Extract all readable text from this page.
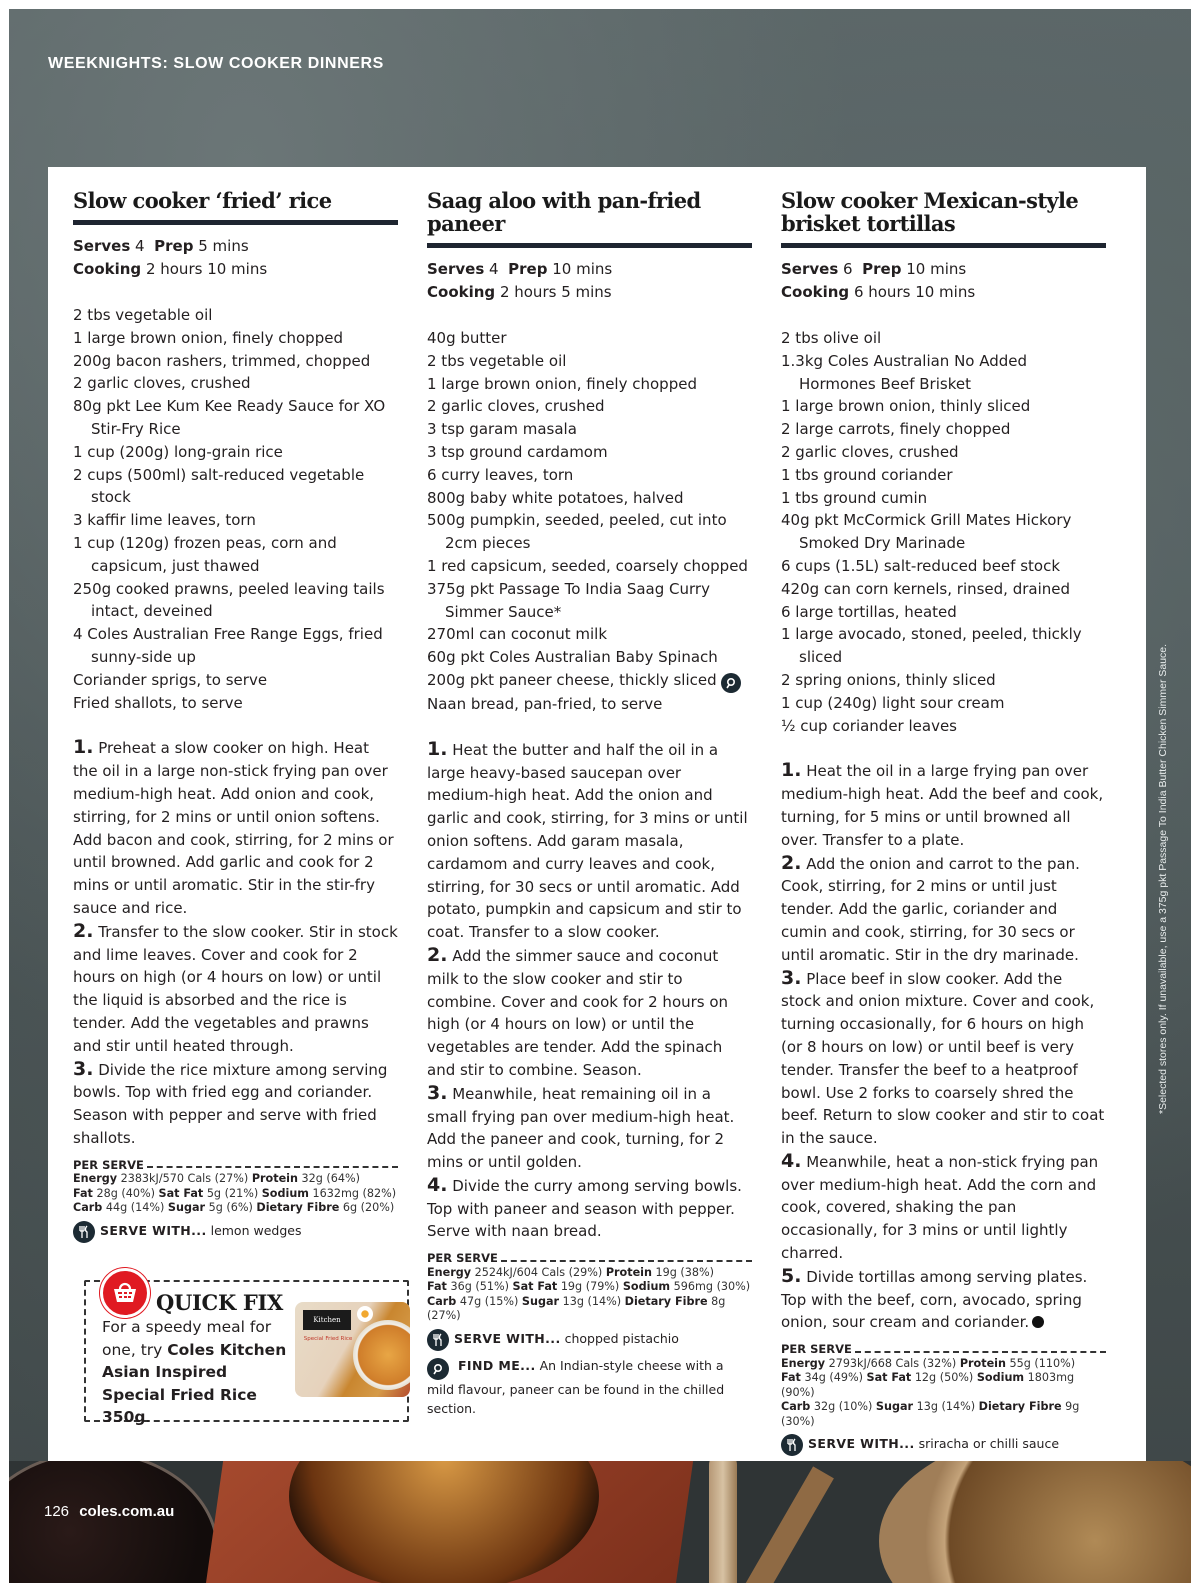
WEEKNIGHTS: SLOW COOKER DINNERS
126 coles.com.au
*Selected stores only. If unavailable, use a 375g pkt Passage To India Butter Chicken Simmer Sauce.
Slow cooker ‘fried’ rice
Serves 4 Prep 5 mins
Cooking 2 hours 10 mins
2 tbs vegetable oil
1 large brown onion, finely chopped
200g bacon rashers, trimmed, chopped
2 garlic cloves, crushed
80g pkt Lee Kum Kee Ready Sauce for XO Stir-Fry Rice
1 cup (200g) long-grain rice
2 cups (500ml) salt-reduced vegetable stock
3 kaffir lime leaves, torn
1 cup (120g) frozen peas, corn and capsicum, just thawed
250g cooked prawns, peeled leaving tails intact, deveined
4 Coles Australian Free Range Eggs, fried sunny-side up
Coriander sprigs, to serve
Fried shallots, to serve

1. Preheat a slow cooker on high. Heat the oil in a large non-stick frying pan over medium-high heat. Add onion and cook, stirring, for 2 mins or until onion softens. Add bacon and cook, stirring, for 2 mins or until browned. Add garlic and cook for 2 mins or until aromatic. Stir in the stir-fry sauce and rice.

2. Transfer to the slow cooker. Stir in stock and lime leaves. Cover and cook for 2 hours on high (or 4 hours on low) or until the liquid is absorbed and the rice is tender. Add the vegetables and prawns and stir until heated through.

3. Divide the rice mixture among serving bowls. Top with fried egg and coriander. Season with pepper and serve with fried shallots.

PER SERVE
Energy 2383kJ/570 Cals (27%) Protein 32g (64%)
Fat 28g (40%) Sat Fat 5g (21%) Sodium 1632mg (82%)
Carb 44g (14%) Sugar 5g (6%) Dietary Fibre 6g (20%)
SERVE WITH... lemon wedges
QUICK FIX
For a speedy meal for one, try Coles Kitchen Asian Inspired Special Fried Rice 350g.
Kitchen
Special Fried Rice
Saag aloo with pan-fried paneer
Serves 4 Prep 10 mins
Cooking 2 hours 5 mins
40g butter
2 tbs vegetable oil
1 large brown onion, finely chopped
2 garlic cloves, crushed
3 tsp garam masala
3 tsp ground cardamom
6 curry leaves, torn
800g baby white potatoes, halved
500g pumpkin, seeded, peeled, cut into 2cm pieces
1 red capsicum, seeded, coarsely chopped
375g pkt Passage To India Saag Curry Simmer Sauce*
270ml can coconut milk
60g pkt Coles Australian Baby Spinach
200g pkt paneer cheese, thickly sliced
Naan bread, pan-fried, to serve

1. Heat the butter and half the oil in a large heavy-based saucepan over medium-high heat. Add the onion and garlic and cook, stirring, for 3 mins or until onion softens. Add garam masala, cardamom and curry leaves and cook, stirring, for 30 secs or until aromatic. Add potato, pumpkin and capsicum and stir to coat. Transfer to a slow cooker.

2. Add the simmer sauce and coconut milk to the slow cooker and stir to combine. Cover and cook for 2 hours on high (or 4 hours on low) or until the vegetables are tender. Add the spinach and stir to combine. Season.

3. Meanwhile, heat remaining oil in a small frying pan over medium-high heat. Add the paneer and cook, turning, for 2 mins or until golden.

4. Divide the curry among serving bowls. Top with paneer and season with pepper. Serve with naan bread.

PER SERVE
Energy 2524kJ/604 Cals (29%) Protein 19g (38%)
Fat 36g (51%) Sat Fat 19g (79%) Sodium 596mg (30%)
Carb 47g (15%) Sugar 13g (14%) Dietary Fibre 8g (27%)
SERVE WITH... chopped pistachio
FIND ME... An Indian-style cheese with a mild flavour, paneer can be found in the chilled section.
Slow cooker Mexican-style brisket tortillas
Serves 6 Prep 10 mins
Cooking 6 hours 10 mins
2 tbs olive oil
1.3kg Coles Australian No Added Hormones Beef Brisket
1 large brown onion, thinly sliced
2 large carrots, finely chopped
2 garlic cloves, crushed
1 tbs ground coriander
1 tbs ground cumin
40g pkt McCormick Grill Mates Hickory Smoked Dry Marinade
6 cups (1.5L) salt-reduced beef stock
420g can corn kernels, rinsed, drained
6 large tortillas, heated
1 large avocado, stoned, peeled, thickly sliced
2 spring onions, thinly sliced
1 cup (240g) light sour cream
½ cup coriander leaves

1. Heat the oil in a large frying pan over medium-high heat. Add the beef and cook, turning, for 5 mins or until browned all over. Transfer to a plate.

2. Add the onion and carrot to the pan. Cook, stirring, for 2 mins or until just tender. Add the garlic, coriander and cumin and cook, stirring, for 30 secs or until aromatic. Stir in the dry marinade.

3. Place beef in slow cooker. Add the stock and onion mixture. Cover and cook, turning occasionally, for 6 hours on high (or 8 hours on low) or until beef is very tender. Transfer the beef to a heatproof bowl. Use 2 forks to coarsely shred the beef. Return to slow cooker and stir to coat in the sauce.

4. Meanwhile, heat a non-stick frying pan over medium-high heat. Add the corn and cook, covered, shaking the pan occasionally, for 3 mins or until lightly charred.

5. Divide tortillas among serving plates. Top with the beef, corn, avocado, spring onion, sour cream and coriander.

PER SERVE
Energy 2793kJ/668 Cals (32%) Protein 55g (110%)
Fat 34g (49%) Sat Fat 12g (50%) Sodium 1803mg (90%)
Carb 32g (10%) Sugar 13g (14%) Dietary Fibre 9g (30%)
SERVE WITH... sriracha or chilli sauce
